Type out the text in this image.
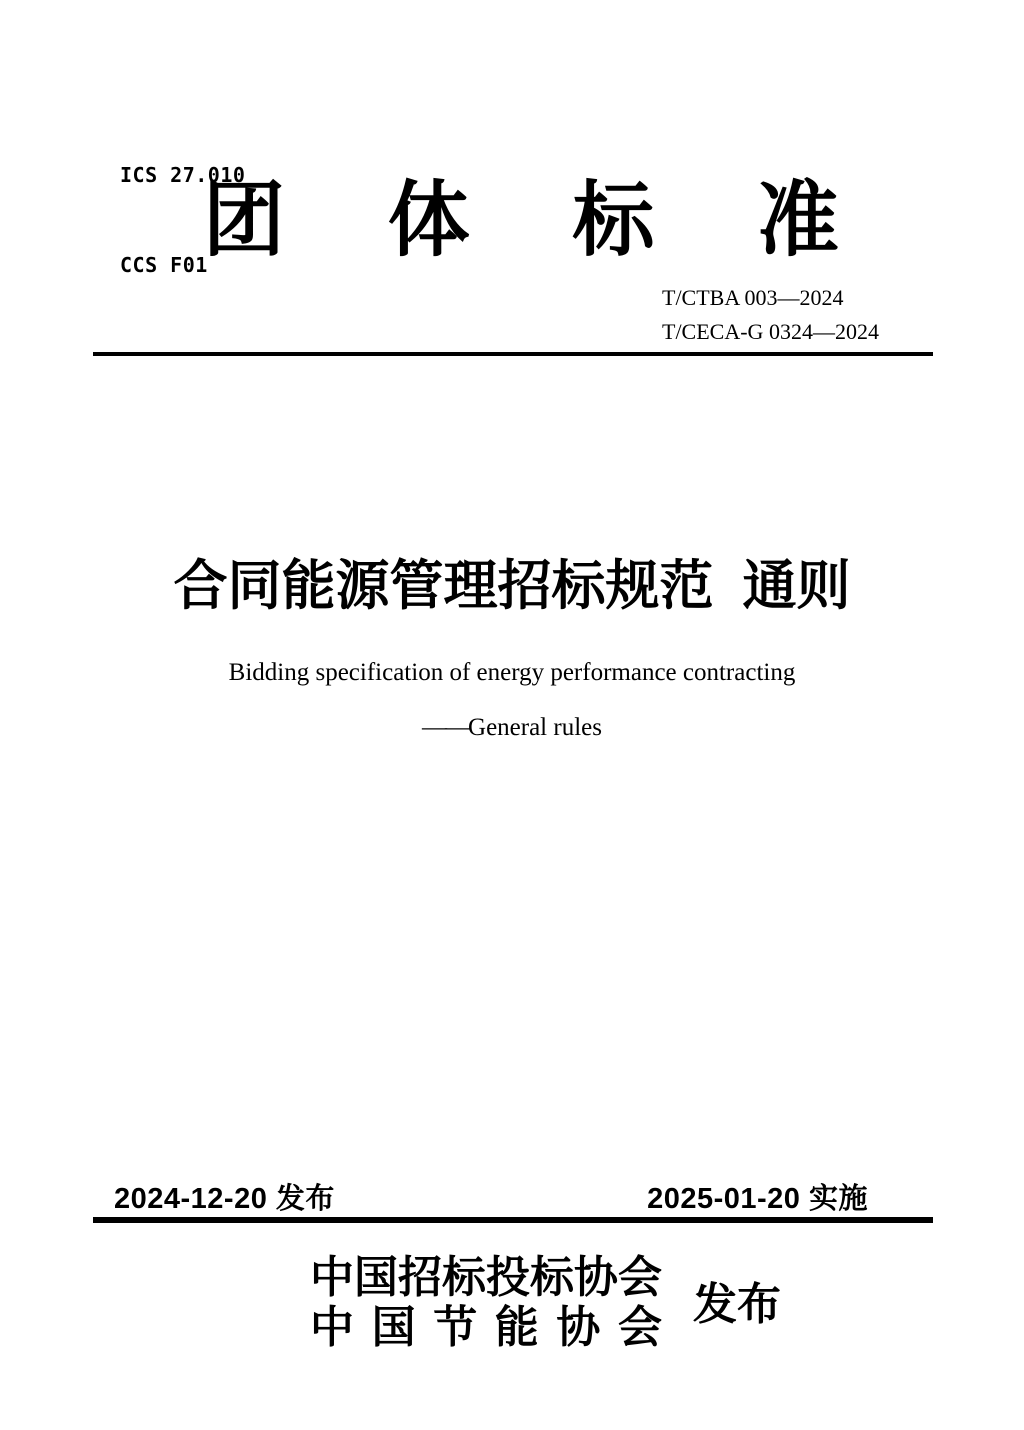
ICS 27.010

CCS F01

团 体 标 准
T/CTBA 003—2024
T/CECA-G 0324—2024
合同能源管理招标规范 通则
Bidding specification of energy performance contracting
——General rules
2024-12-20 发布	2025-01-20 实施
中国招标投标协会
中 国 节 能 协 会 发布
